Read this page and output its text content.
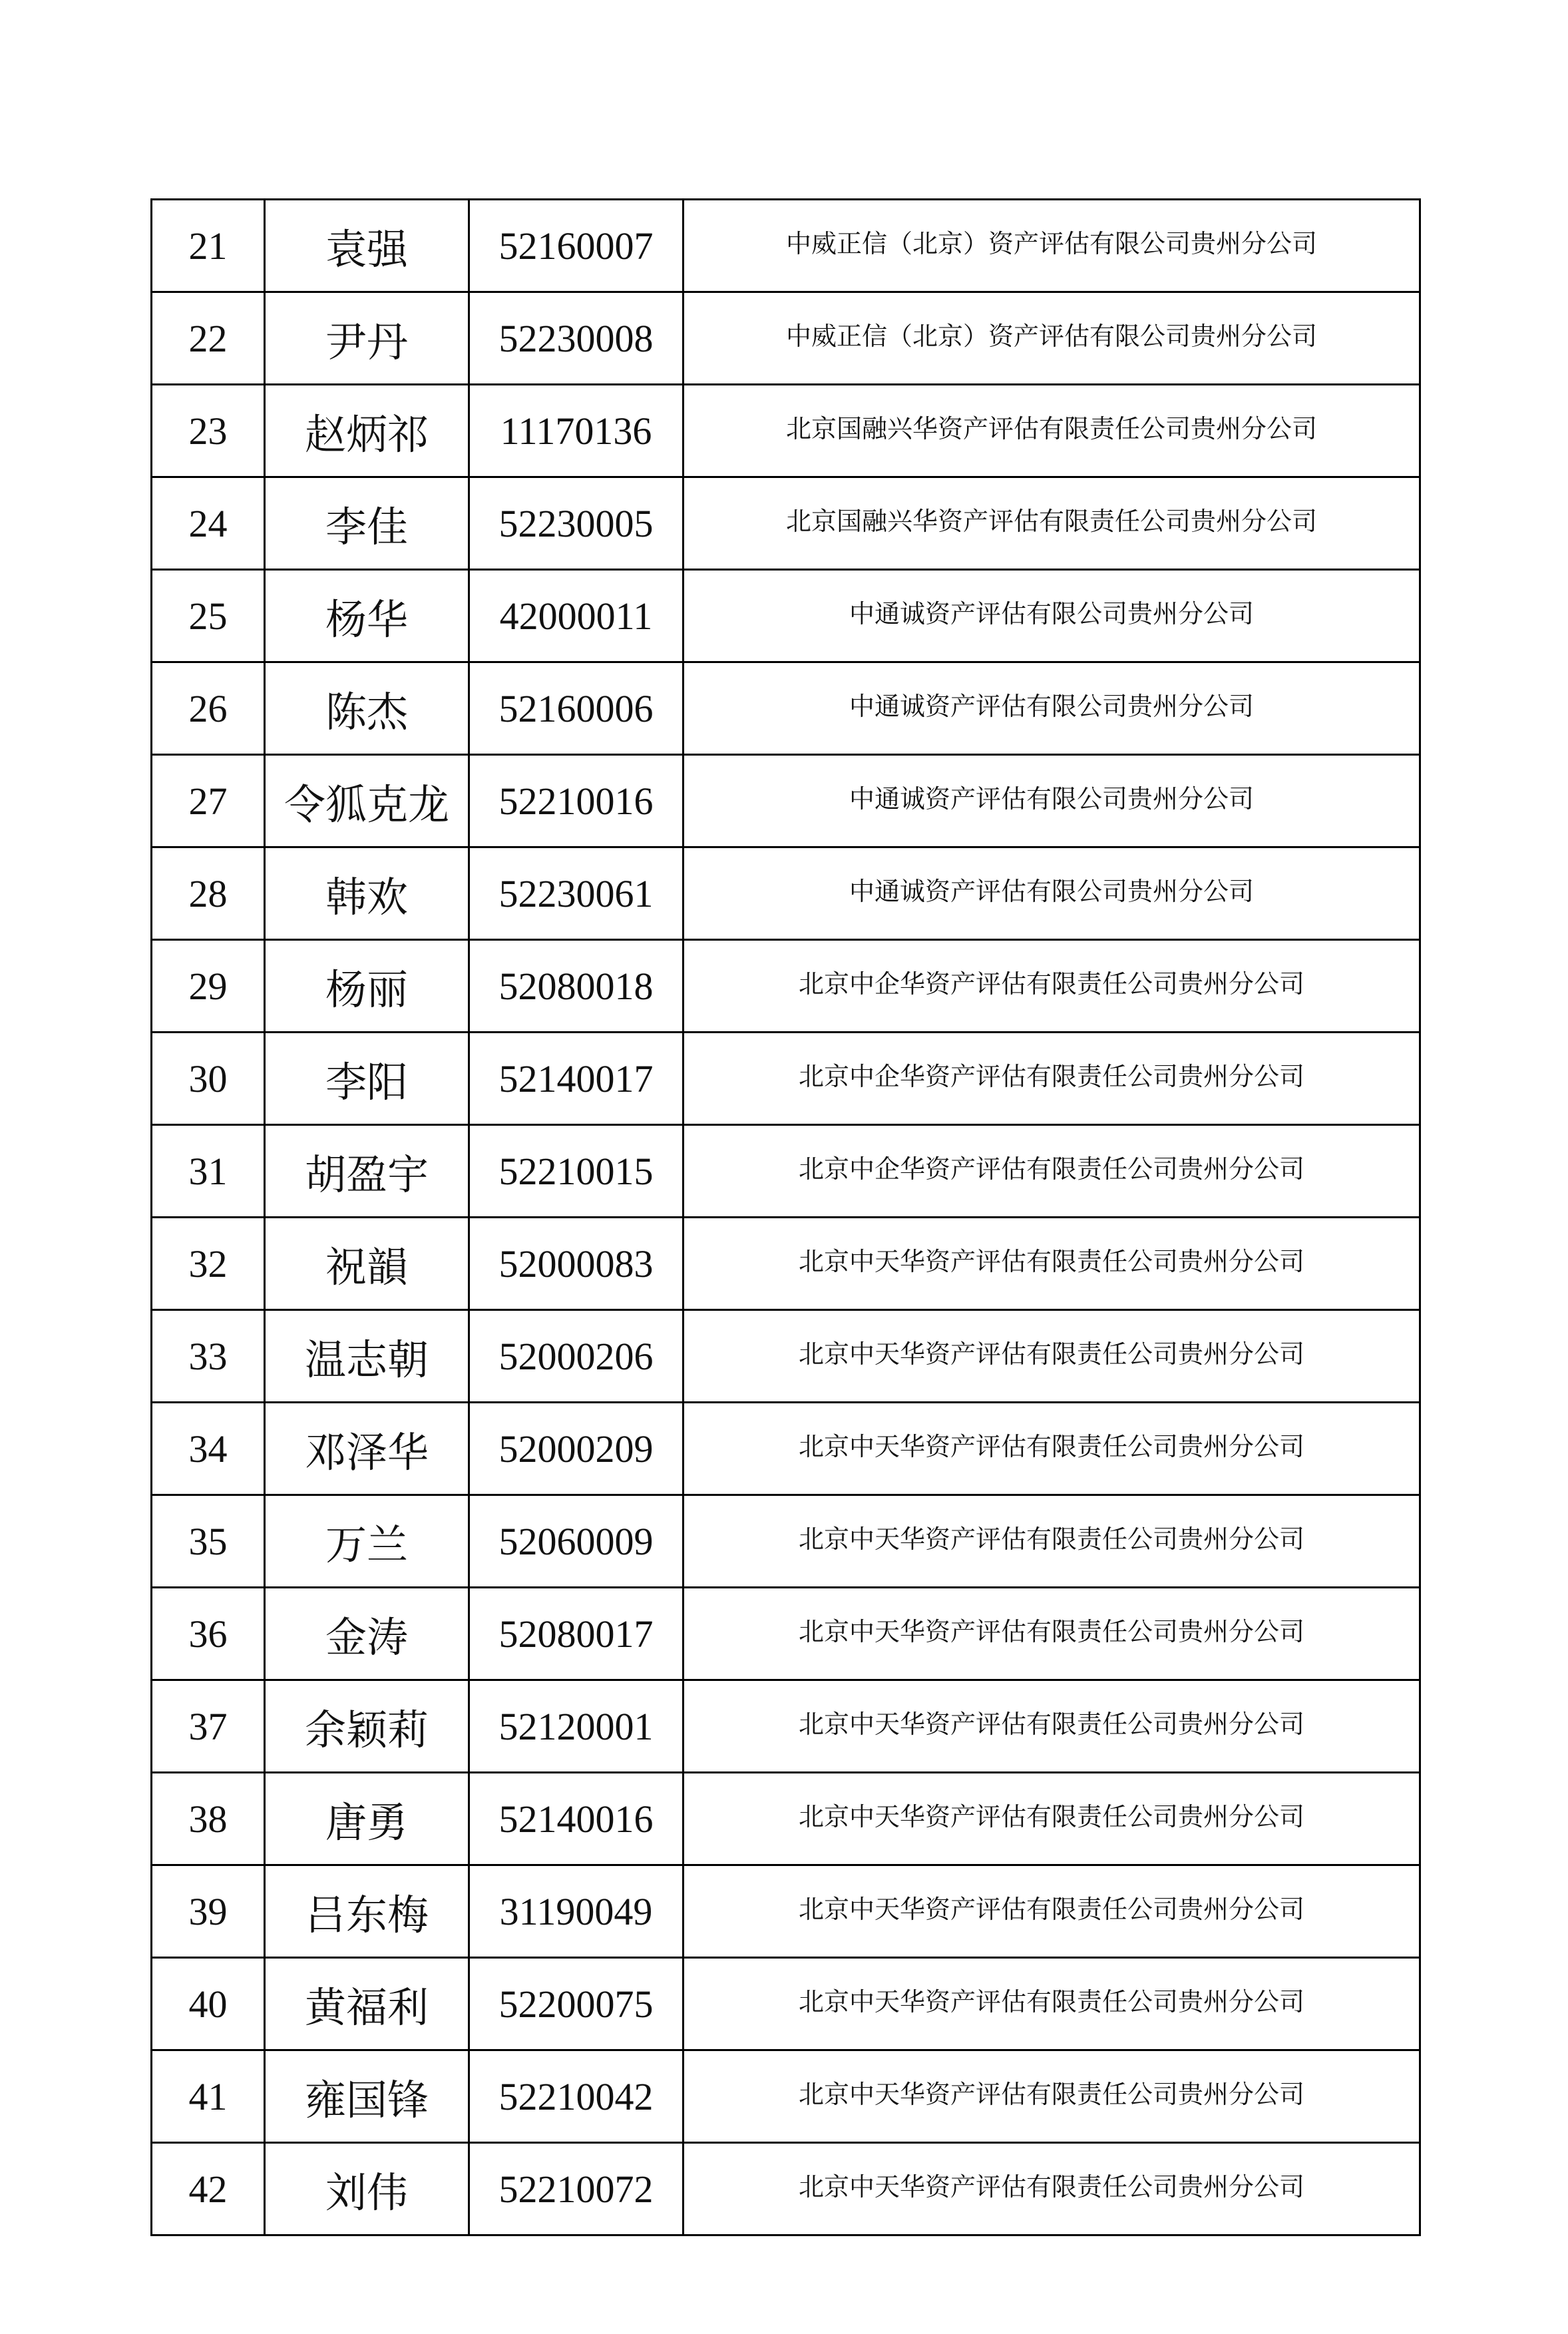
21	袁强	52160007	中威正信（北京）资产评估有限公司贵州分公司
22	尹丹	52230008	中威正信（北京）资产评估有限公司贵州分公司
23	赵炳祁	11170136	北京国融兴华资产评估有限责任公司贵州分公司
24	李佳	52230005	北京国融兴华资产评估有限责任公司贵州分公司
25	杨华	42000011	中通诚资产评估有限公司贵州分公司
26	陈杰	52160006	中通诚资产评估有限公司贵州分公司
27	令狐克龙	52210016	中通诚资产评估有限公司贵州分公司
28	韩欢	52230061	中通诚资产评估有限公司贵州分公司
29	杨丽	52080018	北京中企华资产评估有限责任公司贵州分公司
30	李阳	52140017	北京中企华资产评估有限责任公司贵州分公司
31	胡盈宇	52210015	北京中企华资产评估有限责任公司贵州分公司
32	祝韻	52000083	北京中天华资产评估有限责任公司贵州分公司
33	温志朝	52000206	北京中天华资产评估有限责任公司贵州分公司
34	邓泽华	52000209	北京中天华资产评估有限责任公司贵州分公司
35	万兰	52060009	北京中天华资产评估有限责任公司贵州分公司
36	金涛	52080017	北京中天华资产评估有限责任公司贵州分公司
37	余颖莉	52120001	北京中天华资产评估有限责任公司贵州分公司
38	唐勇	52140016	北京中天华资产评估有限责任公司贵州分公司
39	吕东梅	31190049	北京中天华资产评估有限责任公司贵州分公司
40	黄福利	52200075	北京中天华资产评估有限责任公司贵州分公司
41	雍国锋	52210042	北京中天华资产评估有限责任公司贵州分公司
42	刘伟	52210072	北京中天华资产评估有限责任公司贵州分公司
